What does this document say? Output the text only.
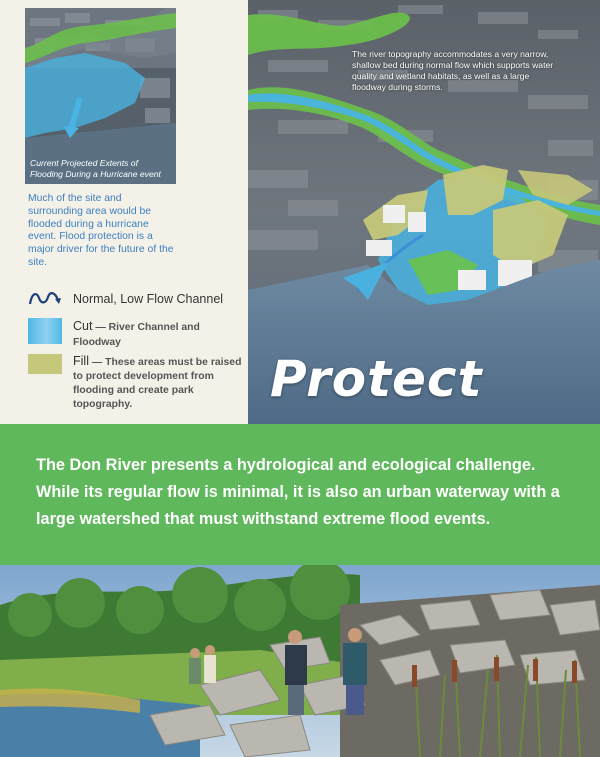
Current Projected Extents of
Flooding During a Hurricane event
Much of the site and surrounding area would be flooded during a hurricane event. Flood protection is a major driver for the future of the site.
Normal, Low Flow Channel
Cut — River Channel and Floodway
Fill — These areas must be raised to protect development from flooding and create park topography.
The river topography accommodates a very narrow, shallow bed during normal flow which supports water quality and wetland habitats, as well as a large floodway during storms.
Protect
The Don River presents a hydrological and ecological challenge. While its regular flow is minimal, it is also an urban waterway with a large watershed that must withstand extreme flood events.
